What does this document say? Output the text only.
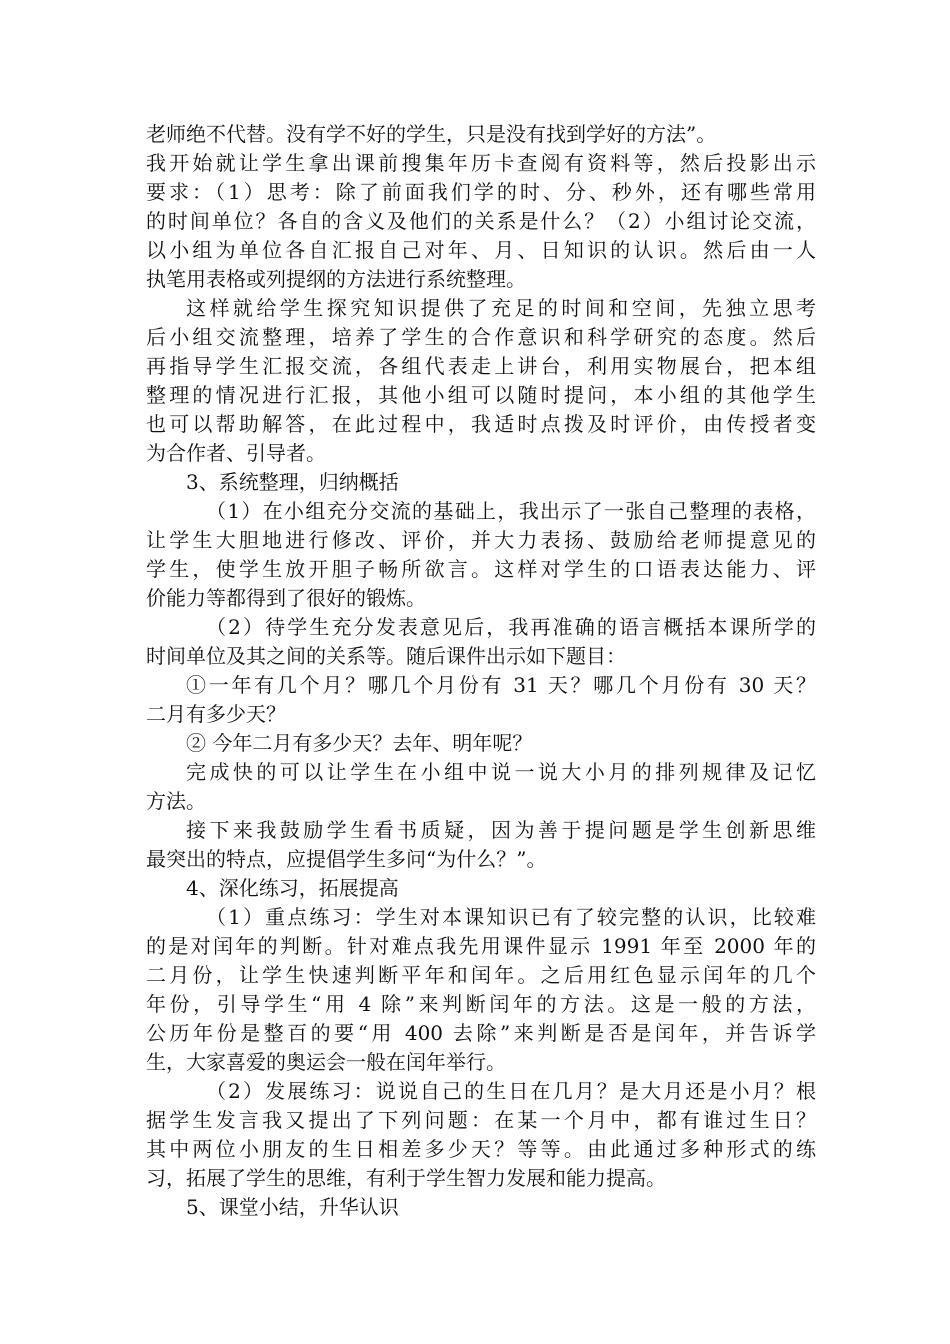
老师绝不代替。没有学不好的学生，只是没有找到学好的方法”。
我开始就让学生拿出课前搜集年历卡查阅有资料等，然后投影出示
要求：（1）思考：除了前面我们学的时、分、秒外，还有哪些常用
的时间单位？各自的含义及他们的关系是什么？（2）小组讨论交流，
以小组为单位各自汇报自己对年、月、日知识的认识。然后由一人
执笔用表格或列提纲的方法进行系统整理。
这样就给学生探究知识提供了充足的时间和空间，先独立思考
后小组交流整理，培养了学生的合作意识和科学研究的态度。然后
再指导学生汇报交流，各组代表走上讲台，利用实物展台，把本组
整理的情况进行汇报，其他小组可以随时提问，本小组的其他学生
也可以帮助解答，在此过程中，我适时点拨及时评价，由传授者变
为合作者、引导者。
3、系统整理，归纳概括
（1）在小组充分交流的基础上，我出示了一张自己整理的表格，
让学生大胆地进行修改、评价，并大力表扬、鼓励给老师提意见的
学生，使学生放开胆子畅所欲言。这样对学生的口语表达能力、评
价能力等都得到了很好的锻炼。
（2）待学生充分发表意见后，我再准确的语言概括本课所学的
时间单位及其之间的关系等。随后课件出示如下题目：
①一年有几个月？哪几个月份有 31 天？哪几个月份有 30 天？
二月有多少天？
② 今年二月有多少天？去年、明年呢？
完成快的可以让学生在小组中说一说大小月的排列规律及记忆
方法。
接下来我鼓励学生看书质疑，因为善于提问题是学生创新思维
最突出的特点，应提倡学生多问“为什么？”。
4、深化练习，拓展提高
（1）重点练习：学生对本课知识已有了较完整的认识，比较难
的是对闰年的判断。针对难点我先用课件显示 1991 年至 2000 年的
二月份，让学生快速判断平年和闰年。之后用红色显示闰年的几个
年份，引导学生“用 4 除”来判断闰年的方法。这是一般的方法，
公历年份是整百的要“用 400 去除”来判断是否是闰年，并告诉学
生，大家喜爱的奥运会一般在闰年举行。
（2）发展练习：说说自己的生日在几月？是大月还是小月？根
据学生发言我又提出了下列问题：在某一个月中，都有谁过生日？
其中两位小朋友的生日相差多少天？等等。由此通过多种形式的练
习，拓展了学生的思维，有利于学生智力发展和能力提高。
5、课堂小结，升华认识
